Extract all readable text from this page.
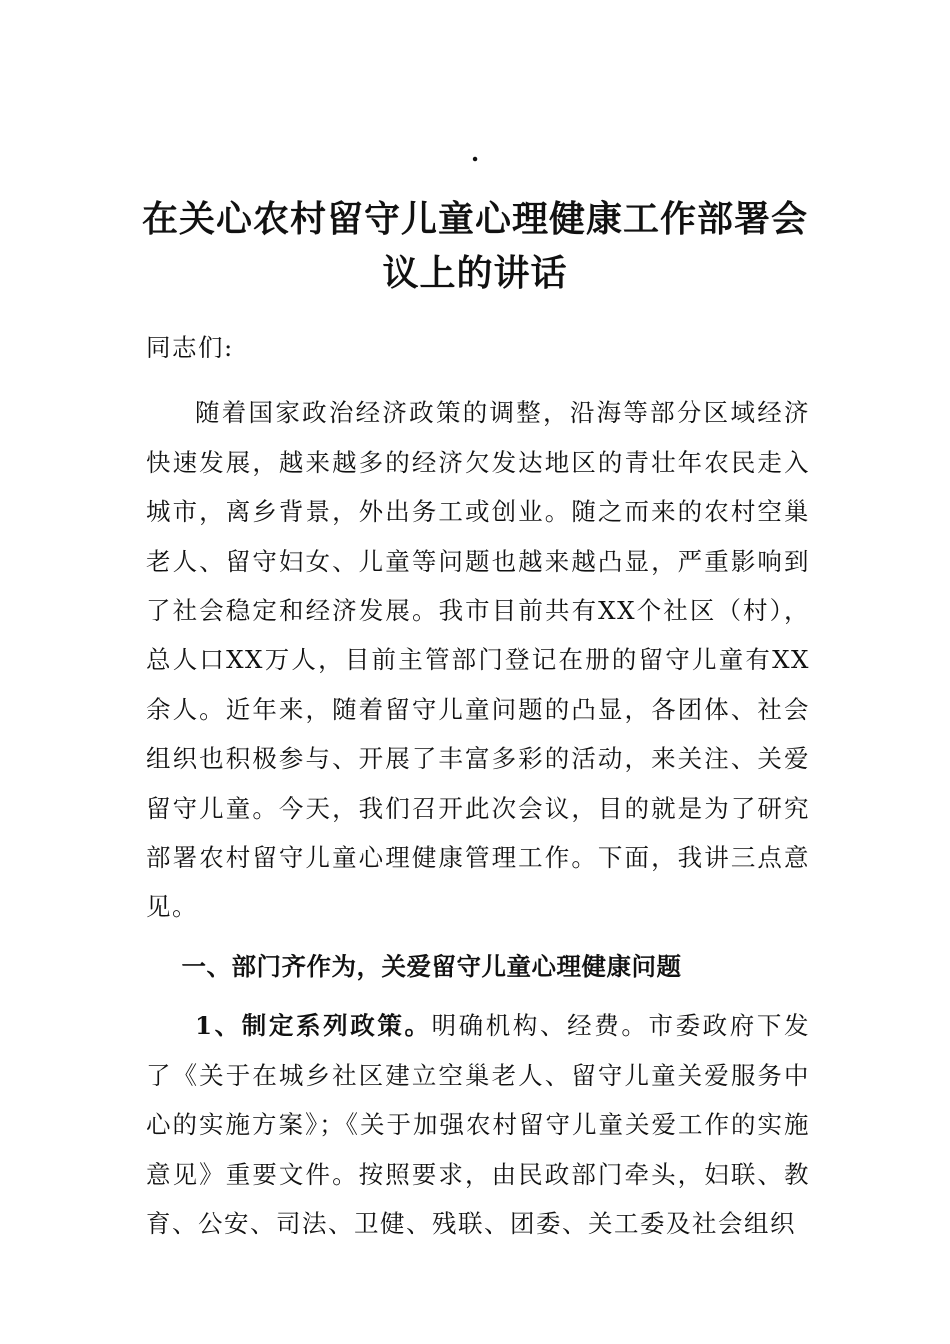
.
在关心农村留守儿童心理健康工作部署会
议上的讲话

同志们:

随着国家政治经济政策的调整，沿海等部分区域经济快速发展，越来越多的经济欠发达地区的青壮年农民走入城市，离乡背景，外出务工或创业。随之而来的农村空巢老人、留守妇女、儿童等问题也越来越凸显，严重影响到了社会稳定和经济发展。我市目前共有XX个社区（村），总人口XX万人，目前主管部门登记在册的留守儿童有XX余人。近年来，随着留守儿童问题的凸显，各团体、社会组织也积极参与、开展了丰富多彩的活动，来关注、关爱留守儿童。今天，我们召开此次会议，目的就是为了研究部署农村留守儿童心理健康管理工作。下面，我讲三点意见。

一、部门齐作为，关爱留守儿童心理健康问题

1、制定系列政策。明确机构、经费。市委政府下发了《关于在城乡社区建立空巢老人、留守儿童关爱服务中心的实施方案》；《关于加强农村留守儿童关爱工作的实施意见》重要文件。按照要求，由民政部门牵头，妇联、教育、公安、司法、卫健、残联、团委、关工委及社会组织
